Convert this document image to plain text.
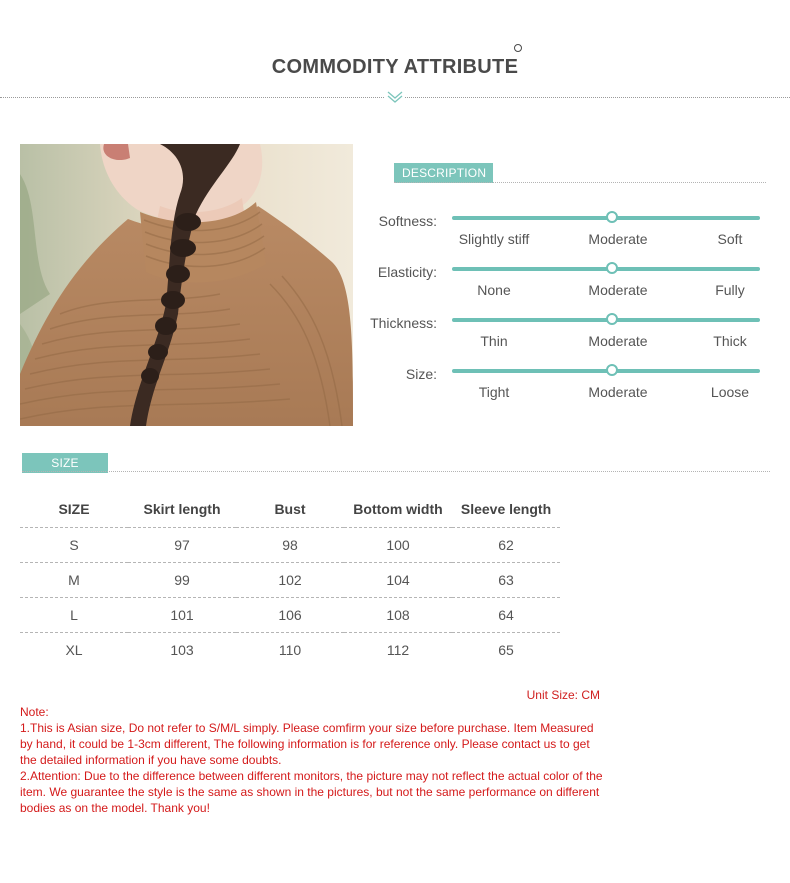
COMMODITY ATTRIBUTE
DESCRIPTION
Softness:
Slightly stiff	Moderate	Soft
Elasticity:
None	Moderate	Fully
Thickness:
Thin	Moderate	Thick
Size:
Tight	Moderate	Loose
SIZE FILTER
SIZE	Skirt length	Bust	Bottom width	Sleeve length
S	97	98	100	62
M	99	102	104	63
L	101	106	108	64
XL	103	110	112	65
Unit Size: CM

Note:

1.This is Asian size, Do not refer to S/M/L simply. Please comfirm your size before purchase. Item Measured by hand, it could be 1-3cm different, The following information is for reference only. Please contact us to get the detailed information if you have some doubts.

2.Attention: Due to the difference between different monitors, the picture may not reflect the actual color of the item. We guarantee the style is the same as shown in the pictures, but not the same performance on different bodies as on the model. Thank you!
